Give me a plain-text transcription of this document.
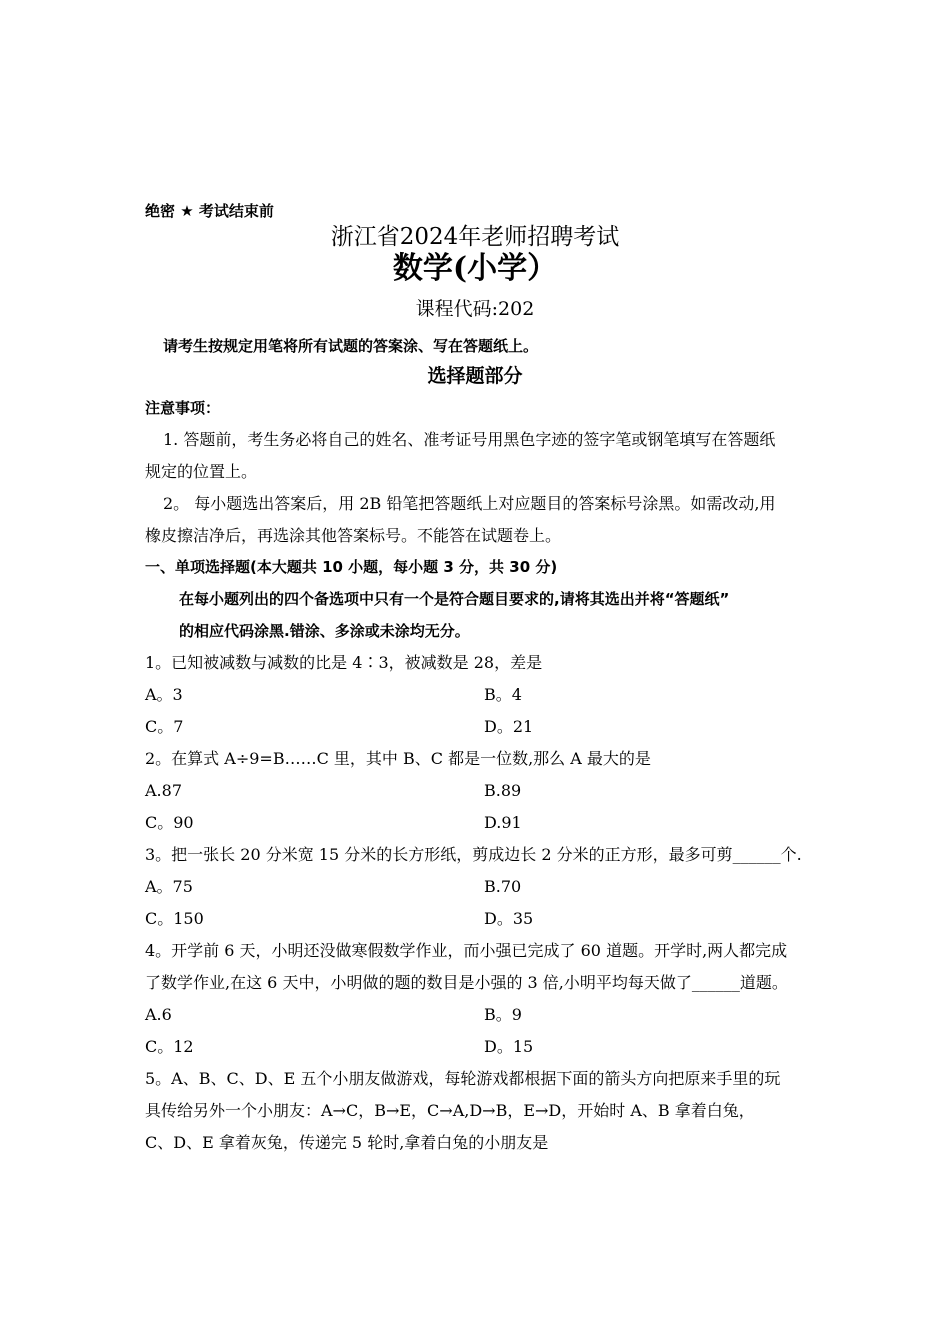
绝密 ★ 考试结束前
浙江省2024年老师招聘考试
数学(小学）
课程代码:202
请考生按规定用笔将所有试题的答案涂、写在答题纸上。
选择题部分
注意事项：
1. 答题前，考生务必将自己的姓名、准考证号用黑色字迹的签字笔或钢笔填写在答题纸
规定的位置上。
2。 每小题选出答案后，用 2B 铅笔把答题纸上对应题目的答案标号涂黑。如需改动,用
橡皮擦洁净后，再选涂其他答案标号。不能答在试题卷上。
一、单项选择题(本大题共 10 小题，每小题 3 分，共 30 分)
在每小题列出的四个备选项中只有一个是符合题目要求的,请将其选出并将“答题纸”
的相应代码涂黑.错涂、多涂或未涂均无分。
1。已知被减数与减数的比是 4∶3，被减数是 28，差是
A。3	B。4
C。7	D。21
2。在算式 A÷9=B……C 里，其中 B、C 都是一位数,那么 A 最大的是
A.87	B.89
C。90	D.91
3。把一张长 20 分米宽 15 分米的长方形纸，剪成边长 2 分米的正方形，最多可剪______个.
A。75	B.70
C。150	D。35
4。开学前 6 天，小明还没做寒假数学作业，而小强已完成了 60 道题。开学时,两人都完成
了数学作业,在这 6 天中，小明做的题的数目是小强的 3 倍,小明平均每天做了______道题。
A.6	B。9
C。12	D。15
5。A、B、C、D、E 五个小朋友做游戏，每轮游戏都根据下面的箭头方向把原来手里的玩
具传给另外一个小朋友：A→C，B→E，C→A,D→B，E→D，开始时 A、B 拿着白兔，
C、D、E 拿着灰兔，传递完 5 轮时,拿着白兔的小朋友是
